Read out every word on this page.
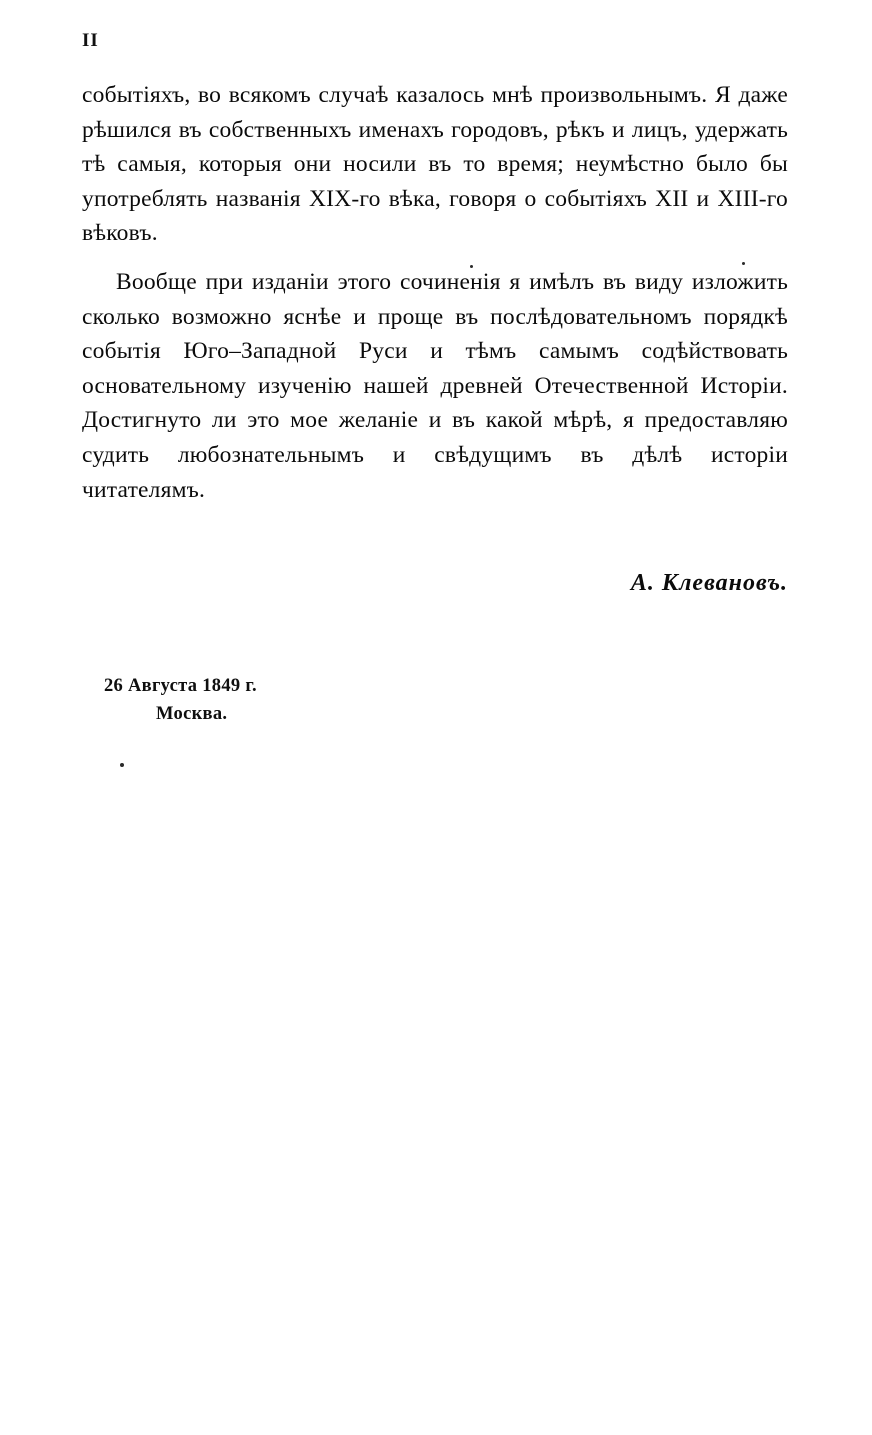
II

событіяхъ, во всякомъ случаѣ казалось мнѣ произвольнымъ. Я даже рѣшился въ собственныхъ именахъ городовъ, рѣкъ и лицъ, удержать тѣ самыя, которыя они носили въ то время; неумѣстно было бы употреблять названія XIX-го вѣка, говоря о событіяхъ XII и XIII-го вѣковъ.

Вообще при изданіи этого сочиненія я имѣлъ въ виду изложить сколько возможно яснѣе и проще въ послѣдовательномъ порядкѣ событія Юго–Западной Руси и тѣмъ самымъ содѣйствовать основательному изученію нашей древней Отечественной Исторіи. Достигнуто ли это мое желаніе и въ какой мѣрѣ, я предоставляю судить любознательнымъ и свѣдущимъ въ дѣлѣ исторіи читателямъ.

А. Клевановъ.
26 Августа 1849 г.
Москва.
